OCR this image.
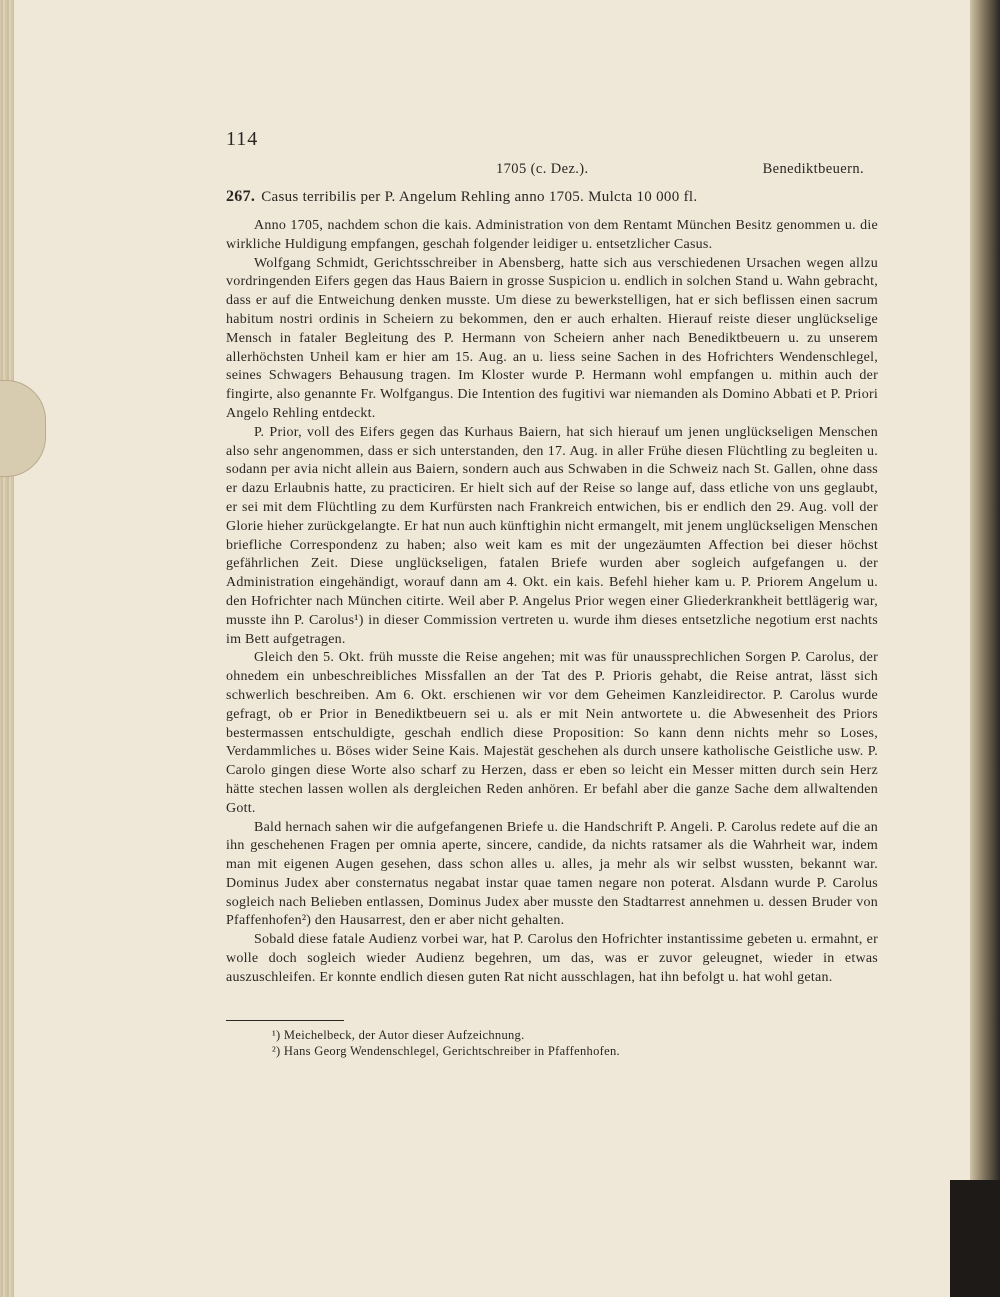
114
1705 (c. Dez.).	Benediktbeuern.
267. Casus terribilis per P. Angelum Rehling anno 1705. Mulcta 10 000 fl.

Anno 1705, nachdem schon die kais. Administration von dem Rentamt München Besitz genommen u. die wirkliche Huldigung empfangen, geschah folgender leidiger u. entsetzlicher Casus.

Wolfgang Schmidt, Gerichtsschreiber in Abensberg, hatte sich aus verschiedenen Ursachen wegen allzu vordringenden Eifers gegen das Haus Baiern in grosse Suspicion u. endlich in solchen Stand u. Wahn gebracht, dass er auf die Entweichung denken musste. Um diese zu bewerkstelligen, hat er sich beflissen einen sacrum habitum nostri ordinis in Scheiern zu bekommen, den er auch erhalten. Hierauf reiste dieser unglückselige Mensch in fataler Begleitung des P. Hermann von Scheiern anher nach Benediktbeuern u. zu unserem allerhöchsten Unheil kam er hier am 15. Aug. an u. liess seine Sachen in des Hofrichters Wendenschlegel, seines Schwagers Behausung tragen. Im Kloster wurde P. Hermann wohl empfangen u. mithin auch der fingirte, also genannte Fr. Wolfgangus. Die Intention des fugitivi war niemanden als Domino Abbati et P. Priori Angelo Rehling entdeckt.

P. Prior, voll des Eifers gegen das Kurhaus Baiern, hat sich hierauf um jenen unglückseligen Menschen also sehr angenommen, dass er sich unterstanden, den 17. Aug. in aller Frühe diesen Flüchtling zu begleiten u. sodann per avia nicht allein aus Baiern, sondern auch aus Schwaben in die Schweiz nach St. Gallen, ohne dass er dazu Erlaubnis hatte, zu practiciren. Er hielt sich auf der Reise so lange auf, dass etliche von uns geglaubt, er sei mit dem Flüchtling zu dem Kurfürsten nach Frankreich entwichen, bis er endlich den 29. Aug. voll der Glorie hieher zurückgelangte. Er hat nun auch künftighin nicht ermangelt, mit jenem unglückseligen Menschen briefliche Correspondenz zu haben; also weit kam es mit der ungezäumten Affection bei dieser höchst gefährlichen Zeit. Diese unglückseligen, fatalen Briefe wurden aber sogleich aufgefangen u. der Administration eingehändigt, worauf dann am 4. Okt. ein kais. Befehl hieher kam u. P. Priorem Angelum u. den Hofrichter nach München citirte. Weil aber P. Angelus Prior wegen einer Gliederkrankheit bettlägerig war, musste ihn P. Carolus¹) in dieser Commission vertreten u. wurde ihm dieses entsetzliche negotium erst nachts im Bett aufgetragen.

Gleich den 5. Okt. früh musste die Reise angehen; mit was für unaussprechlichen Sorgen P. Carolus, der ohnedem ein unbeschreibliches Missfallen an der Tat des P. Prioris gehabt, die Reise antrat, lässt sich schwerlich beschreiben. Am 6. Okt. erschienen wir vor dem Geheimen Kanzleidirector. P. Carolus wurde gefragt, ob er Prior in Benediktbeuern sei u. als er mit Nein antwortete u. die Abwesenheit des Priors bestermassen entschuldigte, geschah endlich diese Proposition: So kann denn nichts mehr so Loses, Verdammliches u. Böses wider Seine Kais. Majestät geschehen als durch unsere katholische Geistliche usw. P. Carolo gingen diese Worte also scharf zu Herzen, dass er eben so leicht ein Messer mitten durch sein Herz hätte stechen lassen wollen als dergleichen Reden anhören. Er befahl aber die ganze Sache dem allwaltenden Gott.

Bald hernach sahen wir die aufgefangenen Briefe u. die Handschrift P. Angeli. P. Carolus redete auf die an ihn geschehenen Fragen per omnia aperte, sincere, candide, da nichts ratsamer als die Wahrheit war, indem man mit eigenen Augen gesehen, dass schon alles u. alles, ja mehr als wir selbst wussten, bekannt war. Dominus Judex aber consternatus negabat instar quae tamen negare non poterat. Alsdann wurde P. Carolus sogleich nach Belieben entlassen, Dominus Judex aber musste den Stadtarrest annehmen u. dessen Bruder von Pfaffenhofen²) den Hausarrest, den er aber nicht gehalten.

Sobald diese fatale Audienz vorbei war, hat P. Carolus den Hofrichter instantissime gebeten u. ermahnt, er wolle doch sogleich wieder Audienz begehren, um das, was er zuvor geleugnet, wieder in etwas auszuschleifen. Er konnte endlich diesen guten Rat nicht ausschlagen, hat ihn befolgt u. hat wohl getan.

¹) Meichelbeck, der Autor dieser Aufzeichnung.
²) Hans Georg Wendenschlegel, Gerichtschreiber in Pfaffenhofen.
